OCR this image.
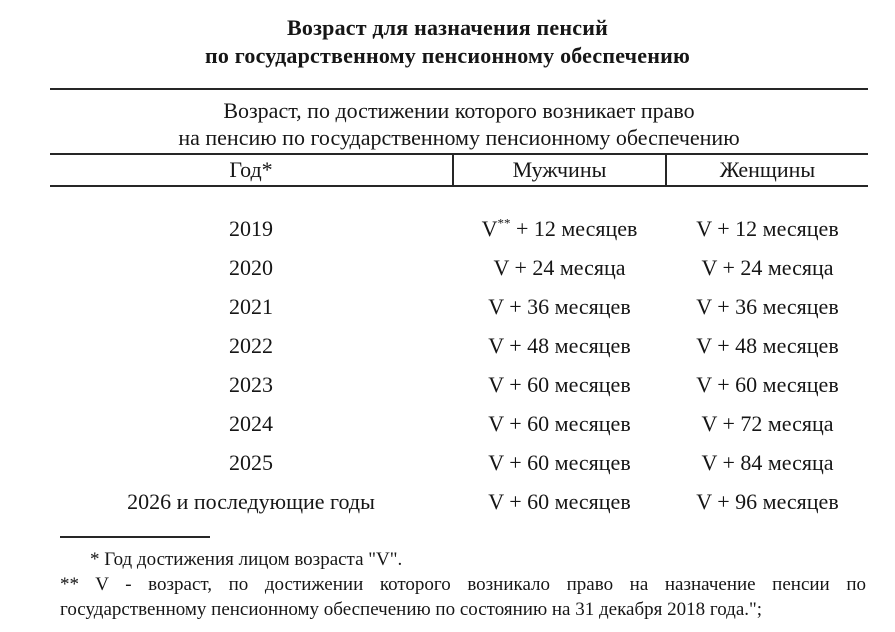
Возраст для назначения пенсий
по государственному пенсионному обеспечению
Возраст, по достижении которого возникает право
на пенсию по государственному пенсионному обеспечению
Год*	Мужчины	Женщины
2019	V** + 12 месяцев	V + 12 месяцев
2020	V + 24 месяца	V + 24 месяца
2021	V + 36 месяцев	V + 36 месяцев
2022	V + 48 месяцев	V + 48 месяцев
2023	V + 60 месяцев	V + 60 месяцев
2024	V + 60 месяцев	V + 72 месяца
2025	V + 60 месяцев	V + 84 месяца
2026 и последующие годы	V + 60 месяцев	V + 96 месяцев

* Год достижения лицом возраста "V".

** V - возраст, по достижении которого возникало право на назначение пенсии по государственному пенсионному обеспечению по состоянию на 31 декабря 2018 года.";
